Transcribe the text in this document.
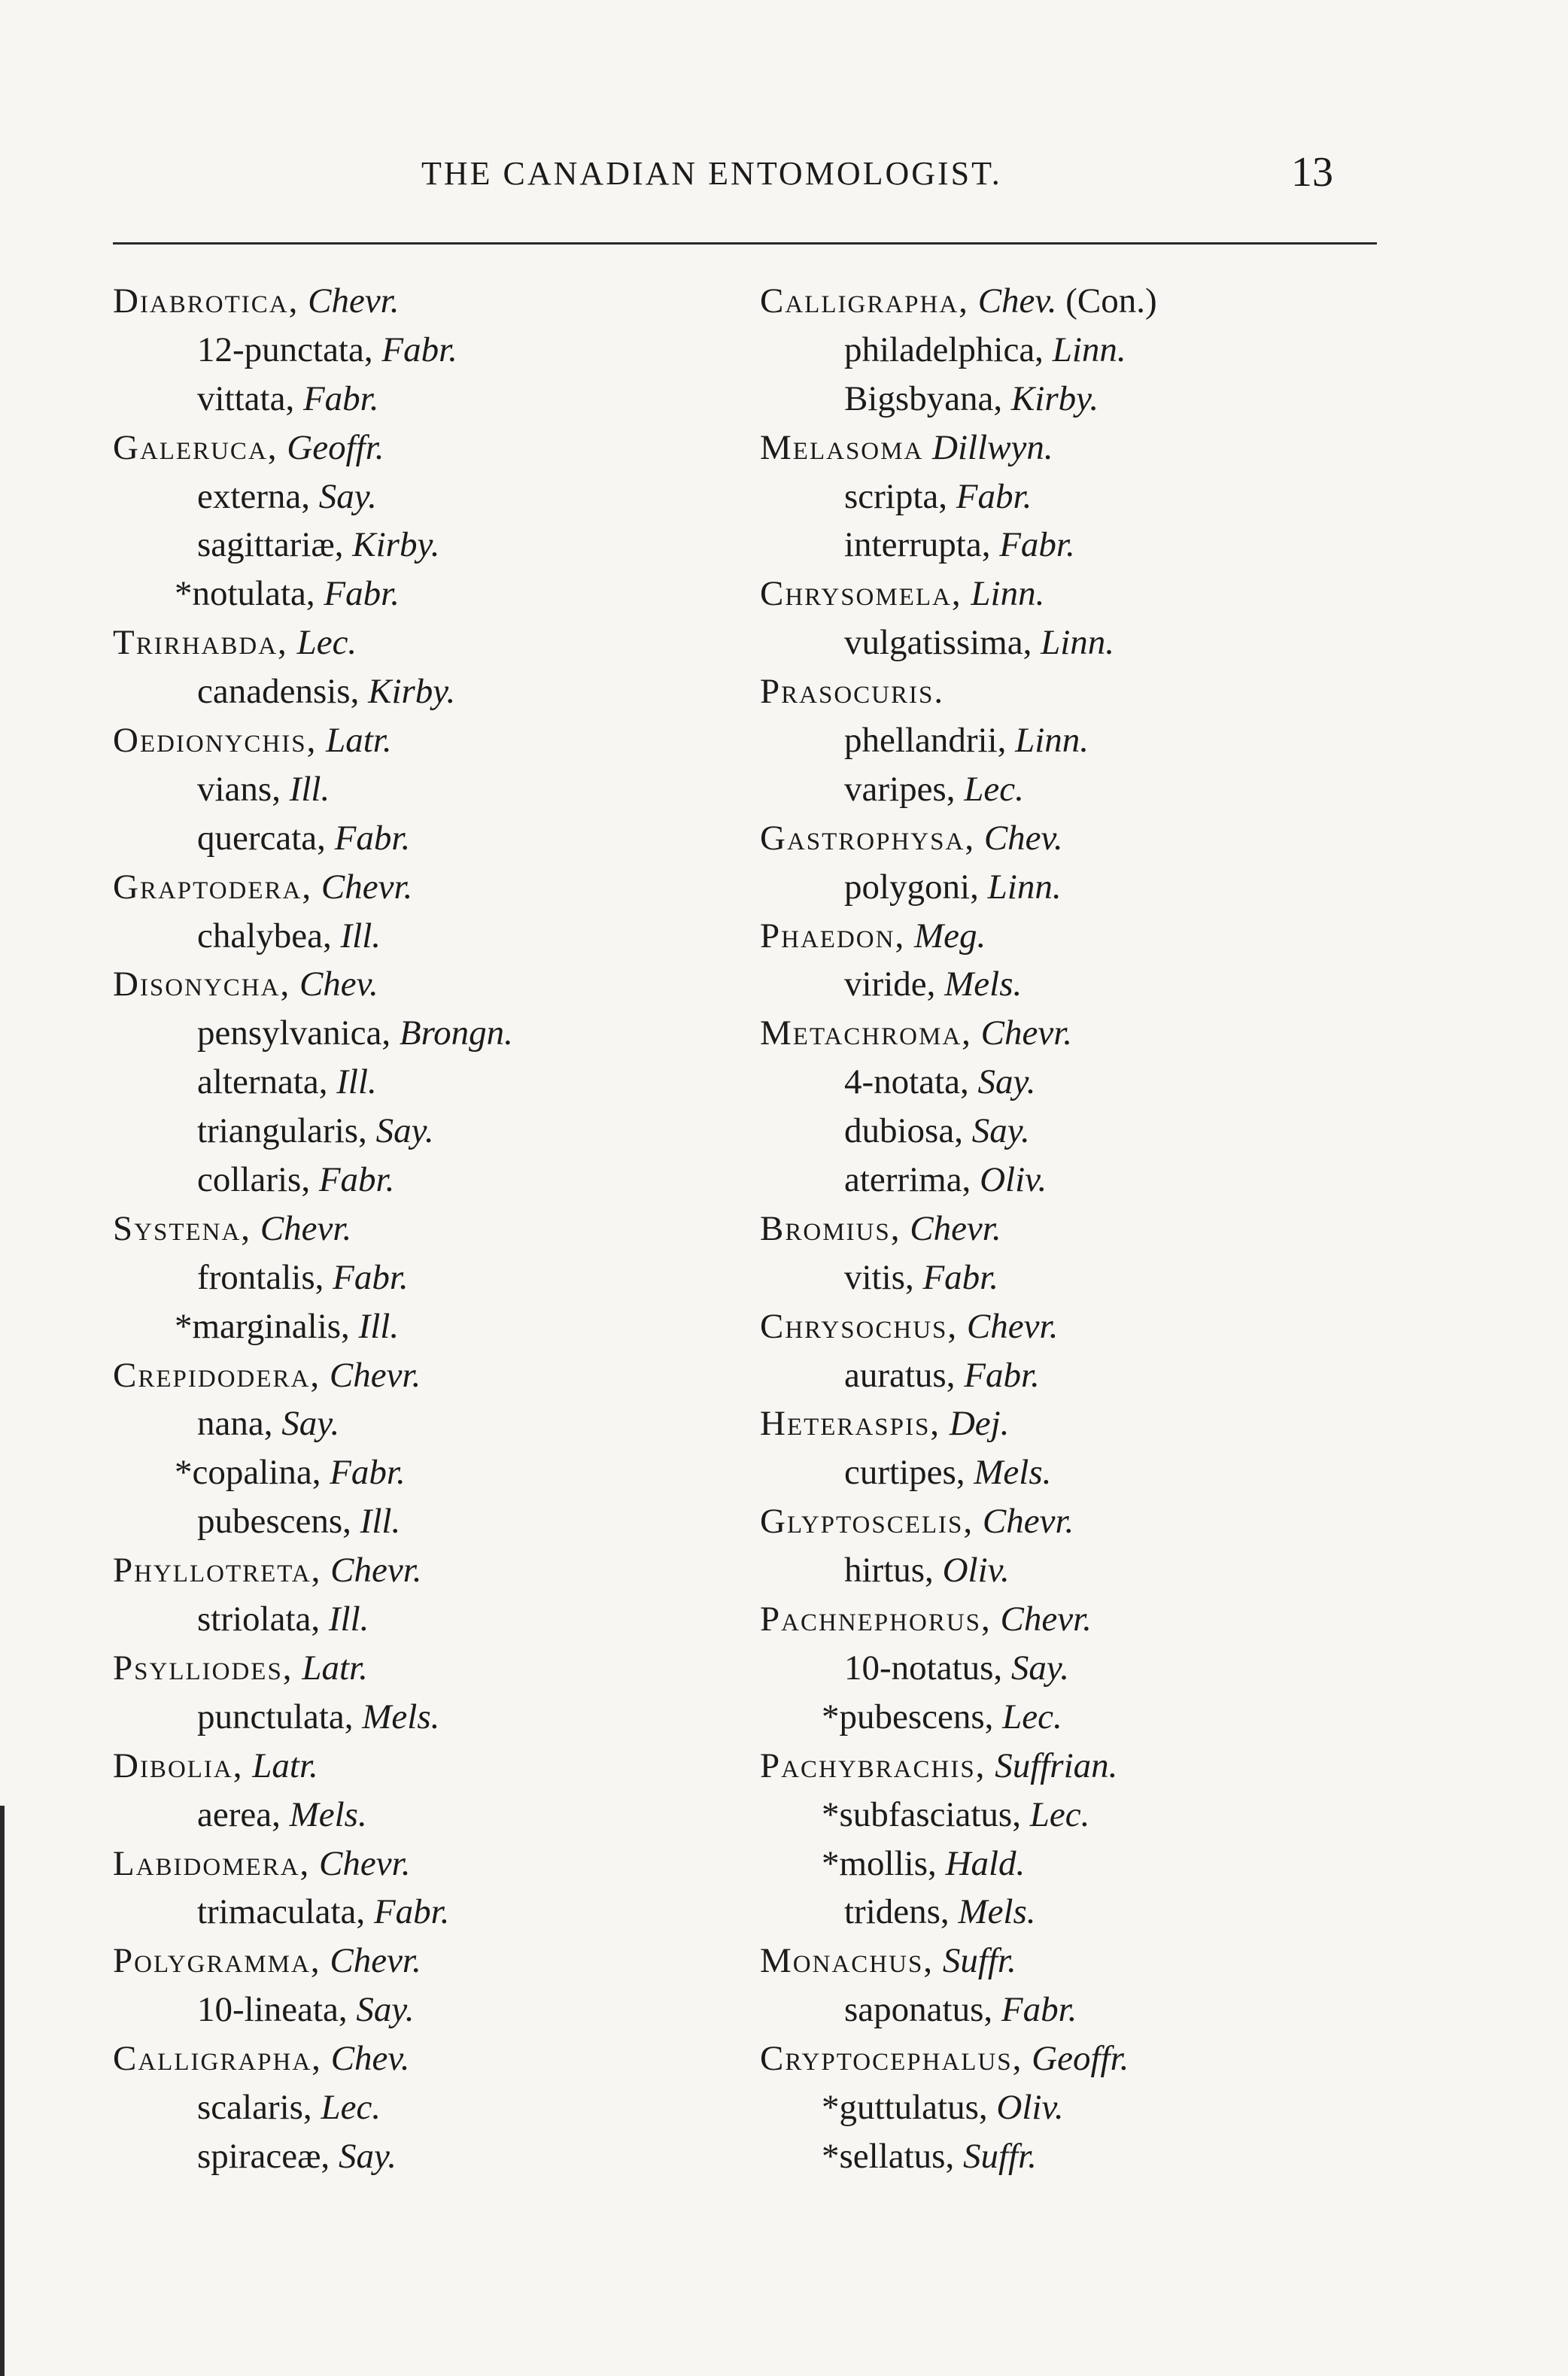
THE CANADIAN ENTOMOLOGIST.	13
Diabrotica, Chevr.
12-punctata, Fabr.
vittata, Fabr.
Galeruca, Geoffr.
externa, Say.
sagittariæ, Kirby.
*notulata, Fabr.
Trirhabda, Lec.
canadensis, Kirby.
Oedionychis, Latr.
vians, Ill.
quercata, Fabr.
Graptodera, Chevr.
chalybea, Ill.
Disonycha, Chev.
pensylvanica, Brongn.
alternata, Ill.
triangularis, Say.
collaris, Fabr.
Systena, Chevr.
frontalis, Fabr.
*marginalis, Ill.
Crepidodera, Chevr.
nana, Say.
*copalina, Fabr.
pubescens, Ill.
Phyllotreta, Chevr.
striolata, Ill.
Psylliodes, Latr.
punctulata, Mels.
Dibolia, Latr.
aerea, Mels.
Labidomera, Chevr.
trimaculata, Fabr.
Polygramma, Chevr.
10-lineata, Say.
Calligrapha, Chev.
scalaris, Lec.
spiraceæ, Say.
Calligrapha, Chev. (Con.)
philadelphica, Linn.
Bigsbyana, Kirby.
Melasoma Dillwyn.
scripta, Fabr.
interrupta, Fabr.
Chrysomela, Linn.
vulgatissima, Linn.
Prasocuris.
phellandrii, Linn.
varipes, Lec.
Gastrophysa, Chev.
polygoni, Linn.
Phaedon, Meg.
viride, Mels.
Metachroma, Chevr.
4-notata, Say.
dubiosa, Say.
aterrima, Oliv.
Bromius, Chevr.
vitis, Fabr.
Chrysochus, Chevr.
auratus, Fabr.
Heteraspis, Dej.
curtipes, Mels.
Glyptoscelis, Chevr.
hirtus, Oliv.
Pachnephorus, Chevr.
10-notatus, Say.
*pubescens, Lec.
Pachybrachis, Suffrian.
*subfasciatus, Lec.
*mollis, Hald.
tridens, Mels.
Monachus, Suffr.
saponatus, Fabr.
Cryptocephalus, Geoffr.
*guttulatus, Oliv.
*sellatus, Suffr.
